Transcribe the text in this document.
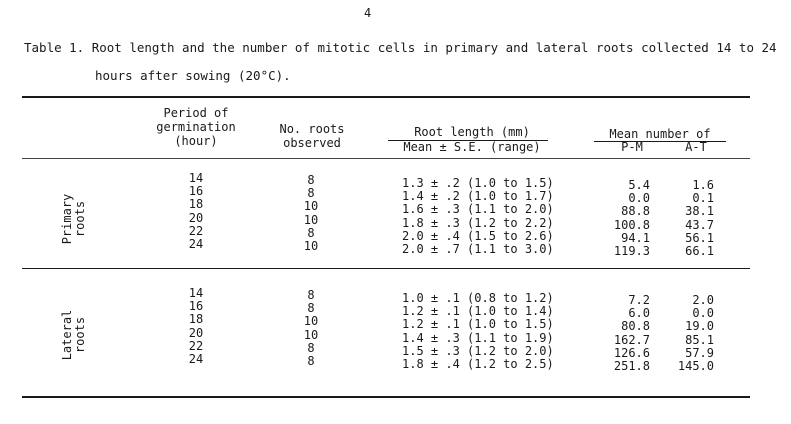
4
Table 1. Root length and the number of mitotic cells in primary and lateral roots collected 14 to 24
hours after sowing (20°C).
Period of
germination
(hour)
No. roots
observed
Root length (mm)
Mean ± S.E. (range)
Mean number of
P-M	A-T
Primary roots
14
16
18
20
22
24
8
8
10
10
8
10
1.3 ± .2 (1.0 to 1.5)
1.4 ± .2 (1.0 to 1.7)
1.6 ± .3 (1.1 to 2.0)
1.8 ± .3 (1.2 to 2.2)
2.0 ± .4 (1.5 to 2.6)
2.0 ± .7 (1.1 to 3.0)
5.4
0.0
88.8
100.8
94.1
119.3
1.6
0.1
38.1
43.7
56.1
66.1
Lateral roots
14
16
18
20
22
24
8
8
10
10
8
8
1.0 ± .1 (0.8 to 1.2)
1.2 ± .1 (1.0 to 1.4)
1.2 ± .1 (1.0 to 1.5)
1.4 ± .3 (1.1 to 1.9)
1.5 ± .3 (1.2 to 2.0)
1.8 ± .4 (1.2 to 2.5)
7.2
6.0
80.8
162.7
126.6
251.8
2.0
0.0
19.0
85.1
57.9
145.0
